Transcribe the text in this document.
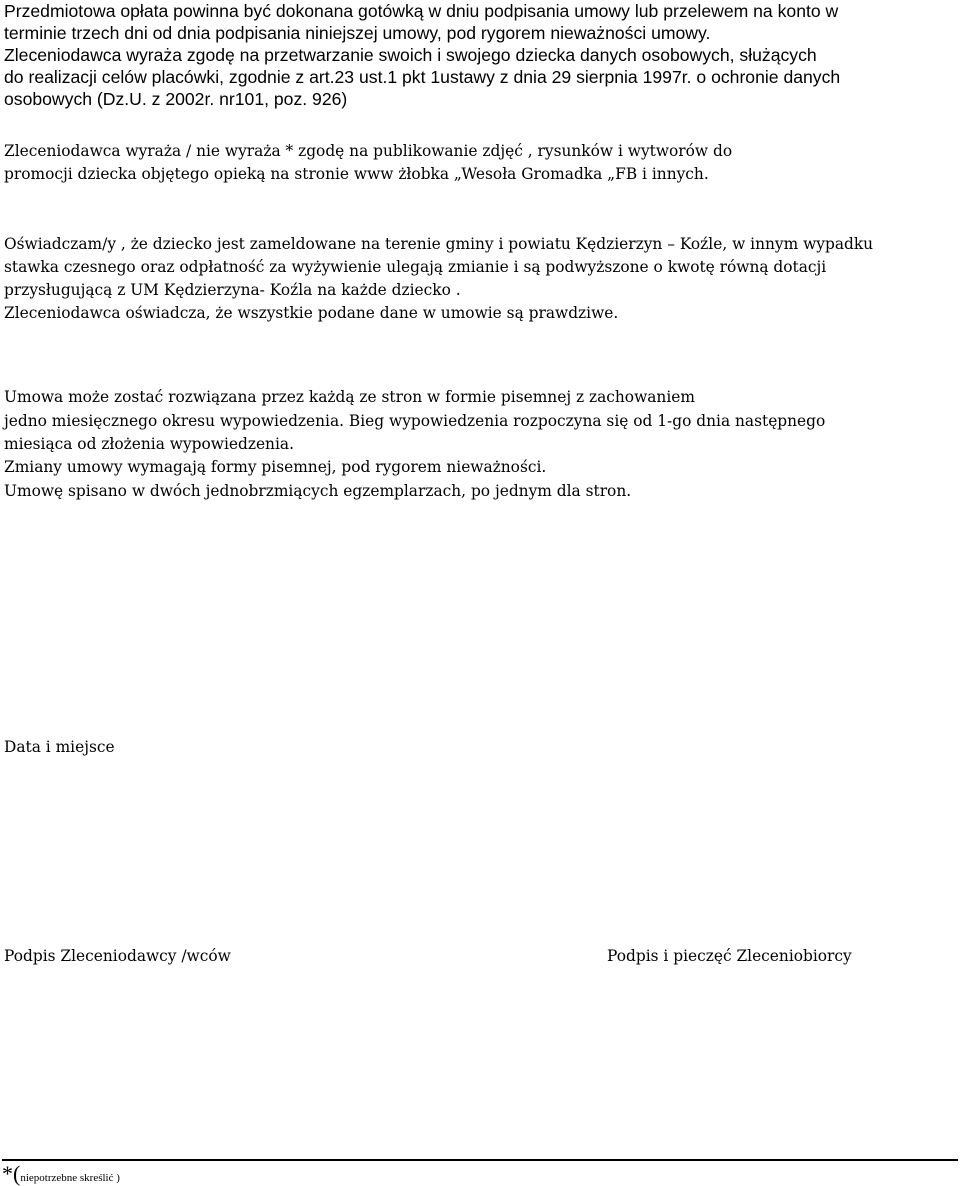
Przedmiotowa opłata powinna być dokonana gotówką w dniu podpisania umowy lub przelewem na konto w

terminie trzech dni od dnia podpisania niniejszej umowy, pod rygorem nieważności umowy.

Zleceniodawca wyraża zgodę na przetwarzanie swoich i swojego dziecka danych osobowych, służących

do realizacji celów placówki, zgodnie z art.23 ust.1 pkt 1ustawy z dnia 29 sierpnia 1997r. o ochronie danych

osobowych (Dz.U. z 2002r. nr101, poz. 926)

Zleceniodawca wyraża / nie wyraża * zgodę na publikowanie zdjęć , rysunków i wytworów do

promocji dziecka objętego opieką na stronie www żłobka „Wesoła Gromadka „FB i innych.

Oświadczam/y , że dziecko jest zameldowane na terenie gminy i powiatu Kędzierzyn – Koźle, w innym wypadku

stawka czesnego oraz odpłatność za wyżywienie ulegają zmianie i są podwyższone o kwotę równą dotacji

przysługującą z UM Kędzierzyna- Koźla na każde dziecko .

Zleceniodawca oświadcza, że wszystkie podane dane w umowie są prawdziwe.

Umowa może zostać rozwiązana przez każdą ze stron w formie pisemnej z zachowaniem

jedno miesięcznego okresu wypowiedzenia. Bieg wypowiedzenia rozpoczyna się od 1-go dnia następnego

miesiąca od złożenia wypowiedzenia.

Zmiany umowy wymagają formy pisemnej, pod rygorem nieważności.

Umowę spisano w dwóch jednobrzmiących egzemplarzach, po jednym dla stron.

Data i miejsce

Podpis Zleceniodawcy /wców	Podpis i pieczęć Zleceniobiorcy

*(niepotrzebne skreślić )
